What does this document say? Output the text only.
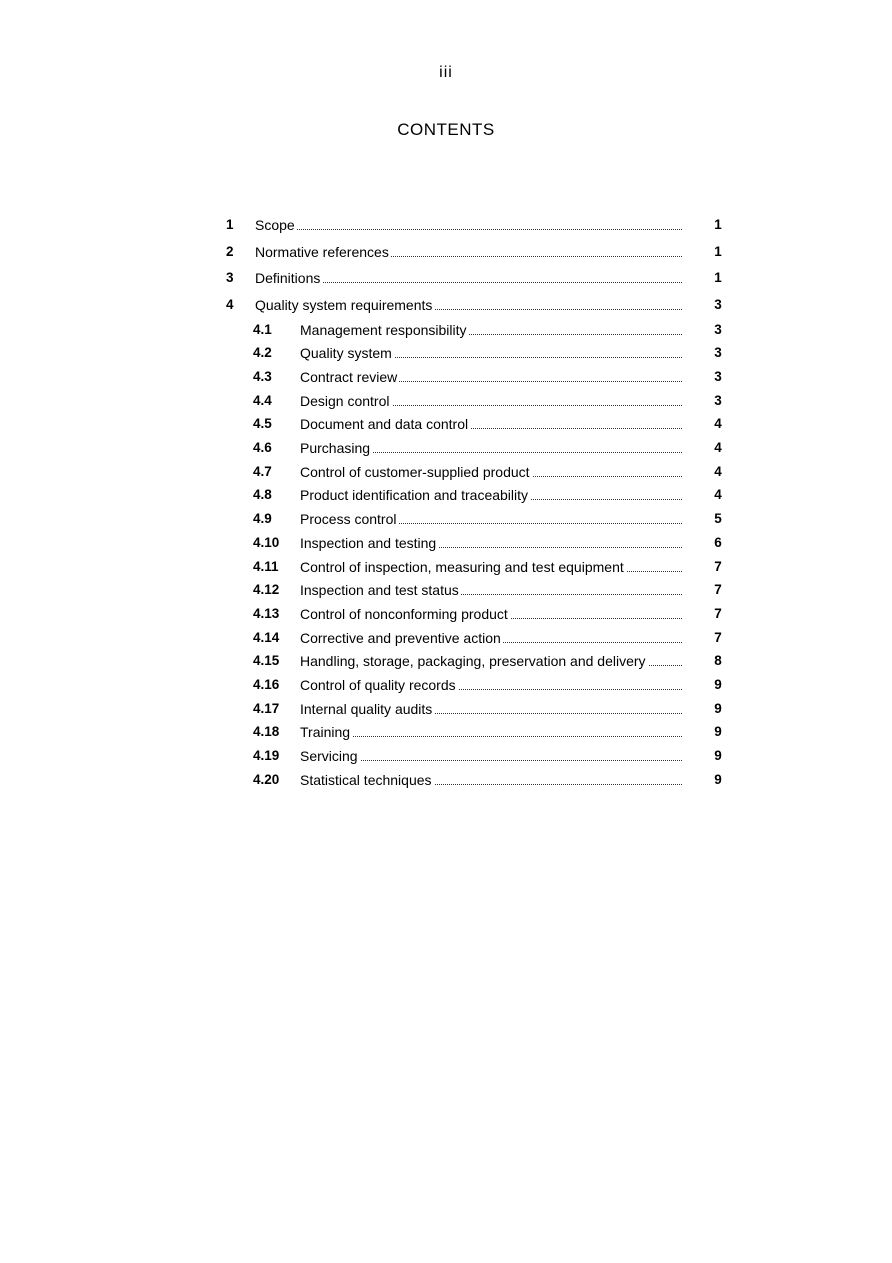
iii
CONTENTS
1 Scope	1
2 Normative references	1
3 Definitions	1
4 Quality system requirements	3
4.1 Management responsibility	3
4.2 Quality system	3
4.3 Contract review	3
4.4 Design control	3
4.5 Document and data control	4
4.6 Purchasing	4
4.7 Control of customer-supplied product	4
4.8 Product identification and traceability	4
4.9 Process control	5
4.10 Inspection and testing	6
4.11 Control of inspection, measuring and test equipment	7
4.12 Inspection and test status	7
4.13 Control of nonconforming product	7
4.14 Corrective and preventive action	7
4.15 Handling, storage, packaging, preservation and delivery	8
4.16 Control of quality records	9
4.17 Internal quality audits	9
4.18 Training	9
4.19 Servicing	9
4.20 Statistical techniques	9
